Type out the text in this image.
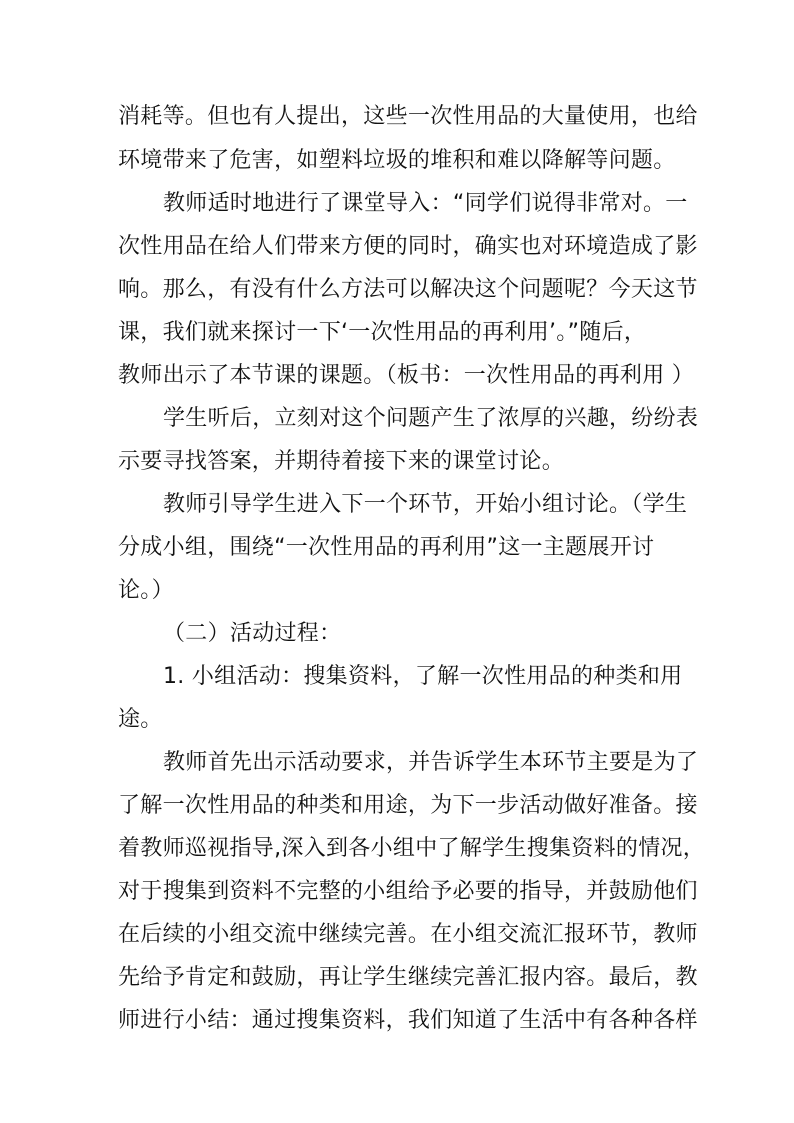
消耗等。但也有人提出，这些一次性用品的大量使用，也给
环境带来了危害，如塑料垃圾的堆积和难以降解等问题。
教师适时地进行了课堂导入：“同学们说得非常对。一
次性用品在给人们带来方便的同时，确实也对环境造成了影
响。那么，有没有什么方法可以解决这个问题呢？今天这节
课，我们就来探讨一下‘一次性用品的再利用’。”随后，
教师出示了本节课的课题。（板书：一次性用品的再利用 ）
学生听后，立刻对这个问题产生了浓厚的兴趣，纷纷表
示要寻找答案，并期待着接下来的课堂讨论。
教师引导学生进入下一个环节，开始小组讨论。（学生
分成小组，围绕“一次性用品的再利用”这一主题展开讨
论。）
（二）活动过程：
1. 小组活动：搜集资料，了解一次性用品的种类和用
途。
教师首先出示活动要求，并告诉学生本环节主要是为了
了解一次性用品的种类和用途，为下一步活动做好准备。接
着教师巡视指导,深入到各小组中了解学生搜集资料的情况，
对于搜集到资料不完整的小组给予必要的指导，并鼓励他们
在后续的小组交流中继续完善。在小组交流汇报环节，教师
先给予肯定和鼓励，再让学生继续完善汇报内容。最后，教
师进行小结：通过搜集资料，我们知道了生活中有各种各样
